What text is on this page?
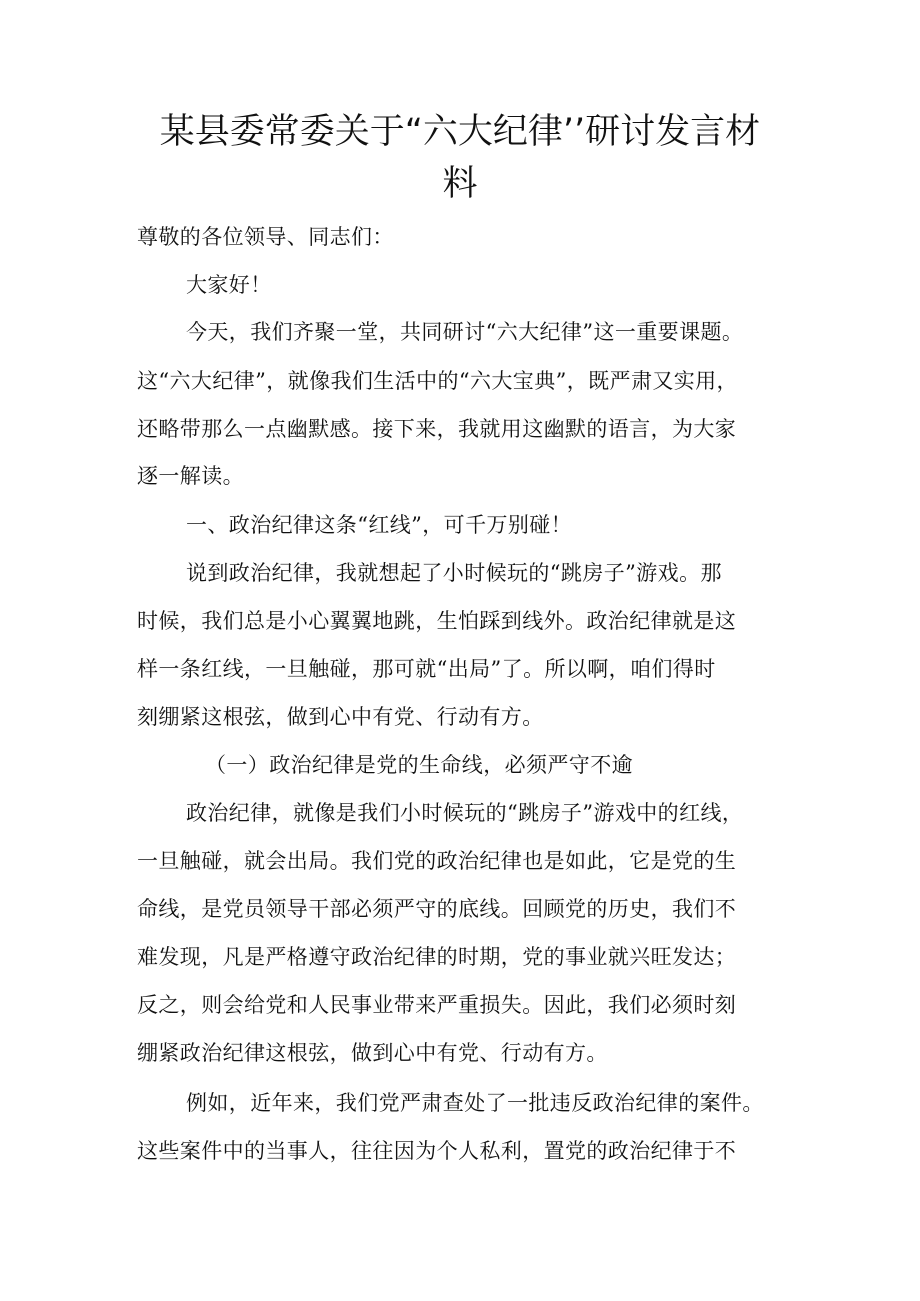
某县委常委关于“六大纪律’’研讨发言材
料
尊敬的各位领导、同志们：
大家好！
今天，我们齐聚一堂，共同研讨“六大纪律”这一重要课题。
这“六大纪律”，就像我们生活中的“六大宝典”，既严肃又实用，
还略带那么一点幽默感。接下来，我就用这幽默的语言，为大家
逐一解读。
一、政治纪律这条“红线”，可千万别碰！
说到政治纪律，我就想起了小时候玩的“跳房子”游戏。那
时候，我们总是小心翼翼地跳，生怕踩到线外。政治纪律就是这
样一条红线，一旦触碰，那可就“出局”了。所以啊，咱们得时
刻绷紧这根弦，做到心中有党、行动有方。
（一）政治纪律是党的生命线，必须严守不逾
政治纪律，就像是我们小时候玩的“跳房子”游戏中的红线，
一旦触碰，就会出局。我们党的政治纪律也是如此，它是党的生
命线，是党员领导干部必须严守的底线。回顾党的历史，我们不
难发现，凡是严格遵守政治纪律的时期，党的事业就兴旺发达；
反之，则会给党和人民事业带来严重损失。因此，我们必须时刻
绷紧政治纪律这根弦，做到心中有党、行动有方。
例如，近年来，我们党严肃查处了一批违反政治纪律的案件。
这些案件中的当事人，往往因为个人私利，置党的政治纪律于不
